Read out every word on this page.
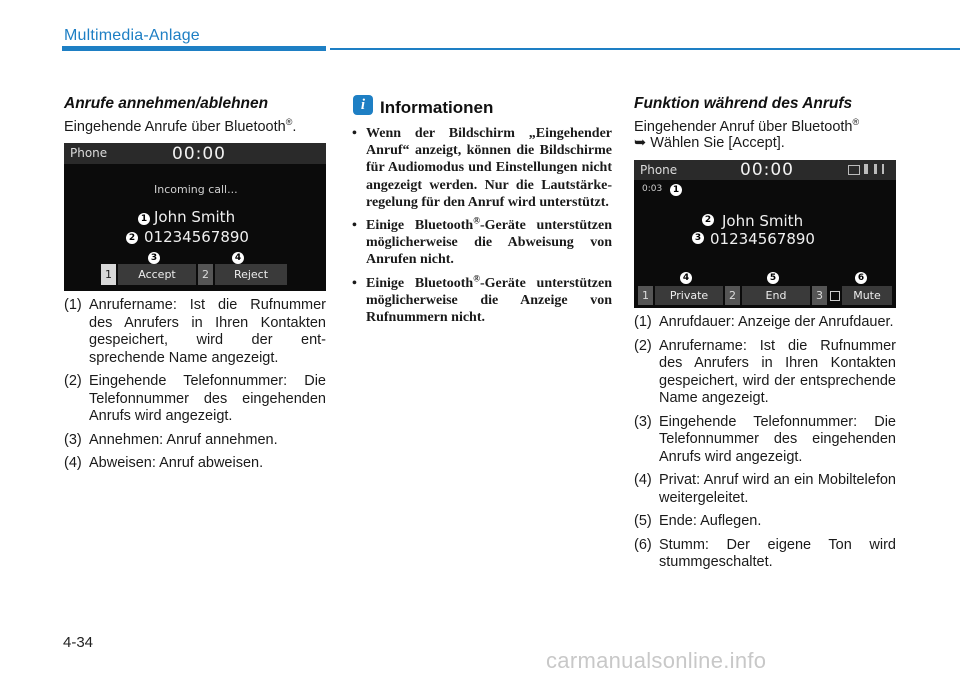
Multimedia-Anlage
Anrufe annehmen/ablehnen
Eingehende Anrufe über Bluetooth®.
Phone	00:00
Incoming call...
1 John Smith
2 01234567890
3	4
1	Accept	2	Reject
(1) Anrufername: Ist die Rufnummer des Anrufers in Ihren Kontakten gespeichert, wird der ent-sprechende Name angezeigt.
(2) Eingehende Telefonnummer: Die Telefonnummer des eingehenden Anrufs wird angezeigt.
(3) Annehmen: Anruf annehmen.
(4) Abweisen: Anruf abweisen.
i Informationen
• Wenn der Bildschirm „Eingehender Anruf“ anzeigt, können die Bildschirme für Audiomodus und Einstellungen nicht angezeigt werden. Nur die Lautstärke-regelung für den Anruf wird unterstützt.
• Einige Bluetooth®-Geräte unterstützen möglicherweise die Abweisung von Anrufen nicht.
• Einige Bluetooth®-Geräte unterstützen möglicherweise die Anzeige von Rufnummern nicht.
Funktion während des Anrufs
Eingehender Anruf über Bluetooth®
➥ Wählen Sie [Accept].
Phone	00:00
0:03	1
2 John Smith
3 01234567890
4	5	6
1	Private	2	End	3	Mute
(1) Anrufdauer: Anzeige der Anrufdauer.
(2) Anrufername: Ist die Rufnummer des Anrufers in Ihren Kontakten gespeichert, wird der entsprechende Name angezeigt.
(3) Eingehende Telefonnummer: Die Telefonnummer des eingehenden Anrufs wird angezeigt.
(4) Privat: Anruf wird an ein Mobiltelefon weitergeleitet.
(5) Ende: Auflegen.
(6) Stumm: Der eigene Ton wird stummgeschaltet.
4-34
carmanualsonline.info
